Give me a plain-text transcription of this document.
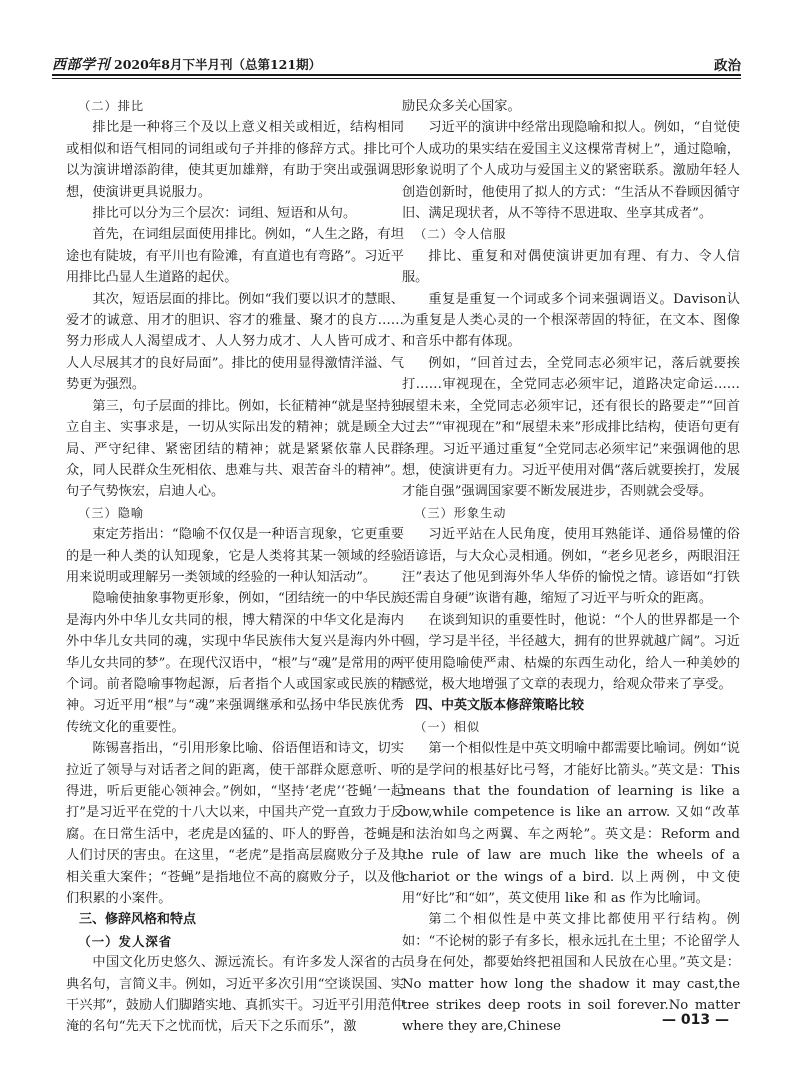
西部学刊 2020年8月下半月刊（总第121期）	政治

（二）排比

排比是一种将三个及以上意义相关或相近，结构相同或相似和语气相同的词组或句子并排的修辞方式。排比可以为演讲增添韵律，使其更加雄辩，有助于突出或强调思想，使演讲更具说服力。

排比可以分为三个层次：词组、短语和从句。

首先，在词组层面使用排比。例如，“人生之路，有坦途也有陡坡，有平川也有险滩，有直道也有弯路”。习近平用排比凸显人生道路的起伏。

其次，短语层面的排比。例如“我们要以识才的慧眼、爱才的诚意、用才的胆识、容才的雅量、聚才的良方……努力形成人人渴望成才、人人努力成才、人人皆可成才、人人尽展其才的良好局面”。排比的使用显得激情洋溢、气势更为强烈。

第三，句子层面的排比。例如，长征精神“就是坚持独立自主、实事求是，一切从实际出发的精神；就是顾全大局、严守纪律、紧密团结的精神；就是紧紧依靠人民群众，同人民群众生死相依、患难与共、艰苦奋斗的精神”。句子气势恢宏，启迪人心。

（三）隐喻

束定芳指出：“隐喻不仅仅是一种语言现象，它更重要的是一种人类的认知现象，它是人类将其某一领域的经验用来说明或理解另一类领域的经验的一种认知活动”。

隐喻使抽象事物更形象，例如，“团结统一的中华民族是海内外中华儿女共同的根，博大精深的中华文化是海内外中华儿女共同的魂，实现中华民族伟大复兴是海内外中华儿女共同的梦”。在现代汉语中，“根”与“魂”是常用的两个词。前者隐喻事物起源，后者指个人或国家或民族的精神。习近平用“根”与“魂”来强调继承和弘扬中华民族优秀传统文化的重要性。

陈锡喜指出，“引用形象比喻、俗语俚语和诗文，切实拉近了领导与对话者之间的距离，使干部群众愿意听、听得进，听后更能心领神会。”例如，“坚持‘老虎’‘苍蝇’一起打”是习近平在党的十八大以来，中国共产党一直致力于反腐。在日常生活中，老虎是凶猛的、吓人的野兽，苍蝇是人们讨厌的害虫。在这里，“老虎”是指高层腐败分子及其相关重大案件；“苍蝇”是指地位不高的腐败分子，以及他们积累的小案件。

三、修辞风格和特点

（一）发人深省

中国文化历史悠久、源远流长。有许多发人深省的古典名句，言简义丰。例如，习近平多次引用“空谈误国、实干兴邦”，鼓励人们脚踏实地、真抓实干。习近平引用范仲淹的名句“先天下之忧而忧，后天下之乐而乐”，激

励民众多关心国家。

习近平的演讲中经常出现隐喻和拟人。例如，“自觉使个人成功的果实结在爱国主义这棵常青树上”，通过隐喻，形象说明了个人成功与爱国主义的紧密联系。激励年轻人创造创新时，他使用了拟人的方式：“生活从不眷顾因循守旧、满足现状者，从不等待不思进取、坐享其成者”。

（二）令人信服

排比、重复和对偶使演讲更加有理、有力、令人信服。

重复是重复一个词或多个词来强调语义。Davison认为重复是人类心灵的一个根深蒂固的特征，在文本、图像和音乐中都有体现。

例如，“回首过去，全党同志必须牢记，落后就要挨打……审视现在，全党同志必须牢记，道路决定命运……展望未来，全党同志必须牢记，还有很长的路要走”“回首过去”“审视现在”和“展望未来”形成排比结构，使语句更有条理。习近平通过重复“全党同志必须牢记”来强调他的思想，使演讲更有力。习近平使用对偶“落后就要挨打，发展才能自强”强调国家要不断发展进步，否则就会受辱。

（三）形象生动

习近平站在人民角度，使用耳熟能详、通俗易懂的俗语谚语，与大众心灵相通。例如，“老乡见老乡，两眼泪汪汪”表达了他见到海外华人华侨的愉悦之情。谚语如“打铁还需自身硬”诙谐有趣，缩短了习近平与听众的距离。

在谈到知识的重要性时，他说：“个人的世界都是一个圆，学习是半径，半径越大，拥有的世界就越广阔”。习近平使用隐喻使严肃、枯燥的东西生动化，给人一种美妙的感觉，极大地增强了文章的表现力，给观众带来了享受。

四、中英文版本修辞策略比较

（一）相似

第一个相似性是中英文明喻中都需要比喻词。例如“说的是学问的根基好比弓弩，才能好比箭头。”英文是：This means that the foundation of learning is like a bow,while competence is like an arrow. 又如“改革和法治如鸟之两翼、车之两轮”。英文是：Reform and the rule of law are much like the wheels of a chariot or the wings of a bird. 以上两例，中文使用“好比”和“如”，英文使用 like 和 as 作为比喻词。

第二个相似性是中英文排比都使用平行结构。例如：“不论树的影子有多长，根永远扎在土里；不论留学人员身在何处，都要始终把祖国和人民放在心里。”英文是：No matter how long the shadow it may cast,the tree strikes deep roots in soil forever.No matter where they are,Chinese	— 013 —
